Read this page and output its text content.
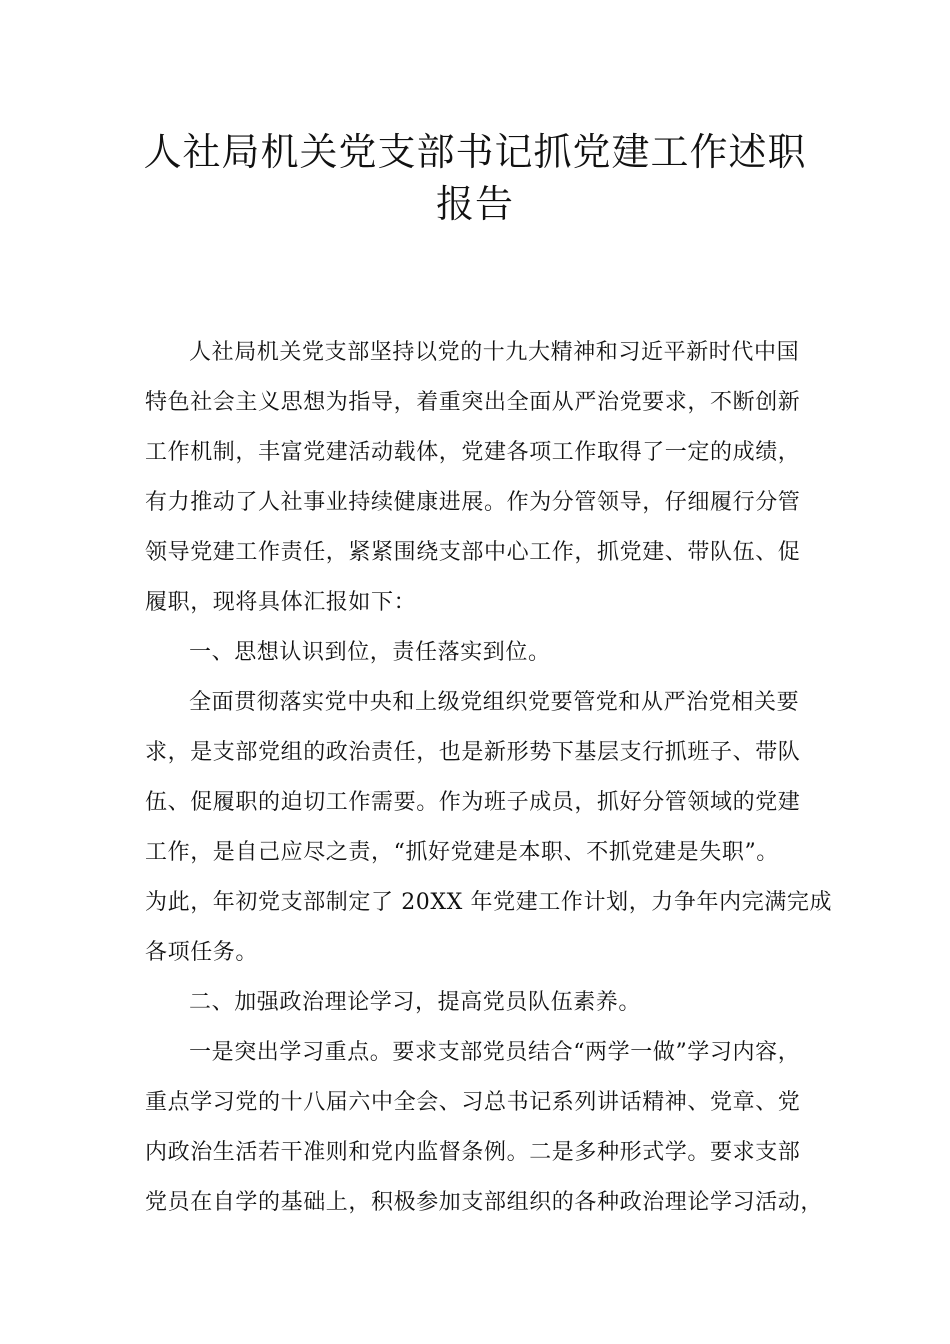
人社局机关党支部书记抓党建工作述职
报告
人社局机关党支部坚持以党的十九大精神和习近平新时代中国
特色社会主义思想为指导，着重突出全面从严治党要求，不断创新
工作机制，丰富党建活动载体，党建各项工作取得了一定的成绩，
有力推动了人社事业持续健康进展。作为分管领导，仔细履行分管
领导党建工作责任，紧紧围绕支部中心工作，抓党建、带队伍、促
履职，现将具体汇报如下：
一、思想认识到位，责任落实到位。
全面贯彻落实党中央和上级党组织党要管党和从严治党相关要
求，是支部党组的政治责任，也是新形势下基层支行抓班子、带队
伍、促履职的迫切工作需要。作为班子成员，抓好分管领域的党建
工作，是自己应尽之责，“抓好党建是本职、不抓党建是失职”。
为此，年初党支部制定了 20XX 年党建工作计划，力争年内完满完成
各项任务。
二、加强政治理论学习，提高党员队伍素养。
一是突出学习重点。要求支部党员结合“两学一做”学习内容，
重点学习党的十八届六中全会、习总书记系列讲话精神、党章、党
内政治生活若干准则和党内监督条例。二是多种形式学。要求支部
党员在自学的基础上，积极参加支部组织的各种政治理论学习活动，
